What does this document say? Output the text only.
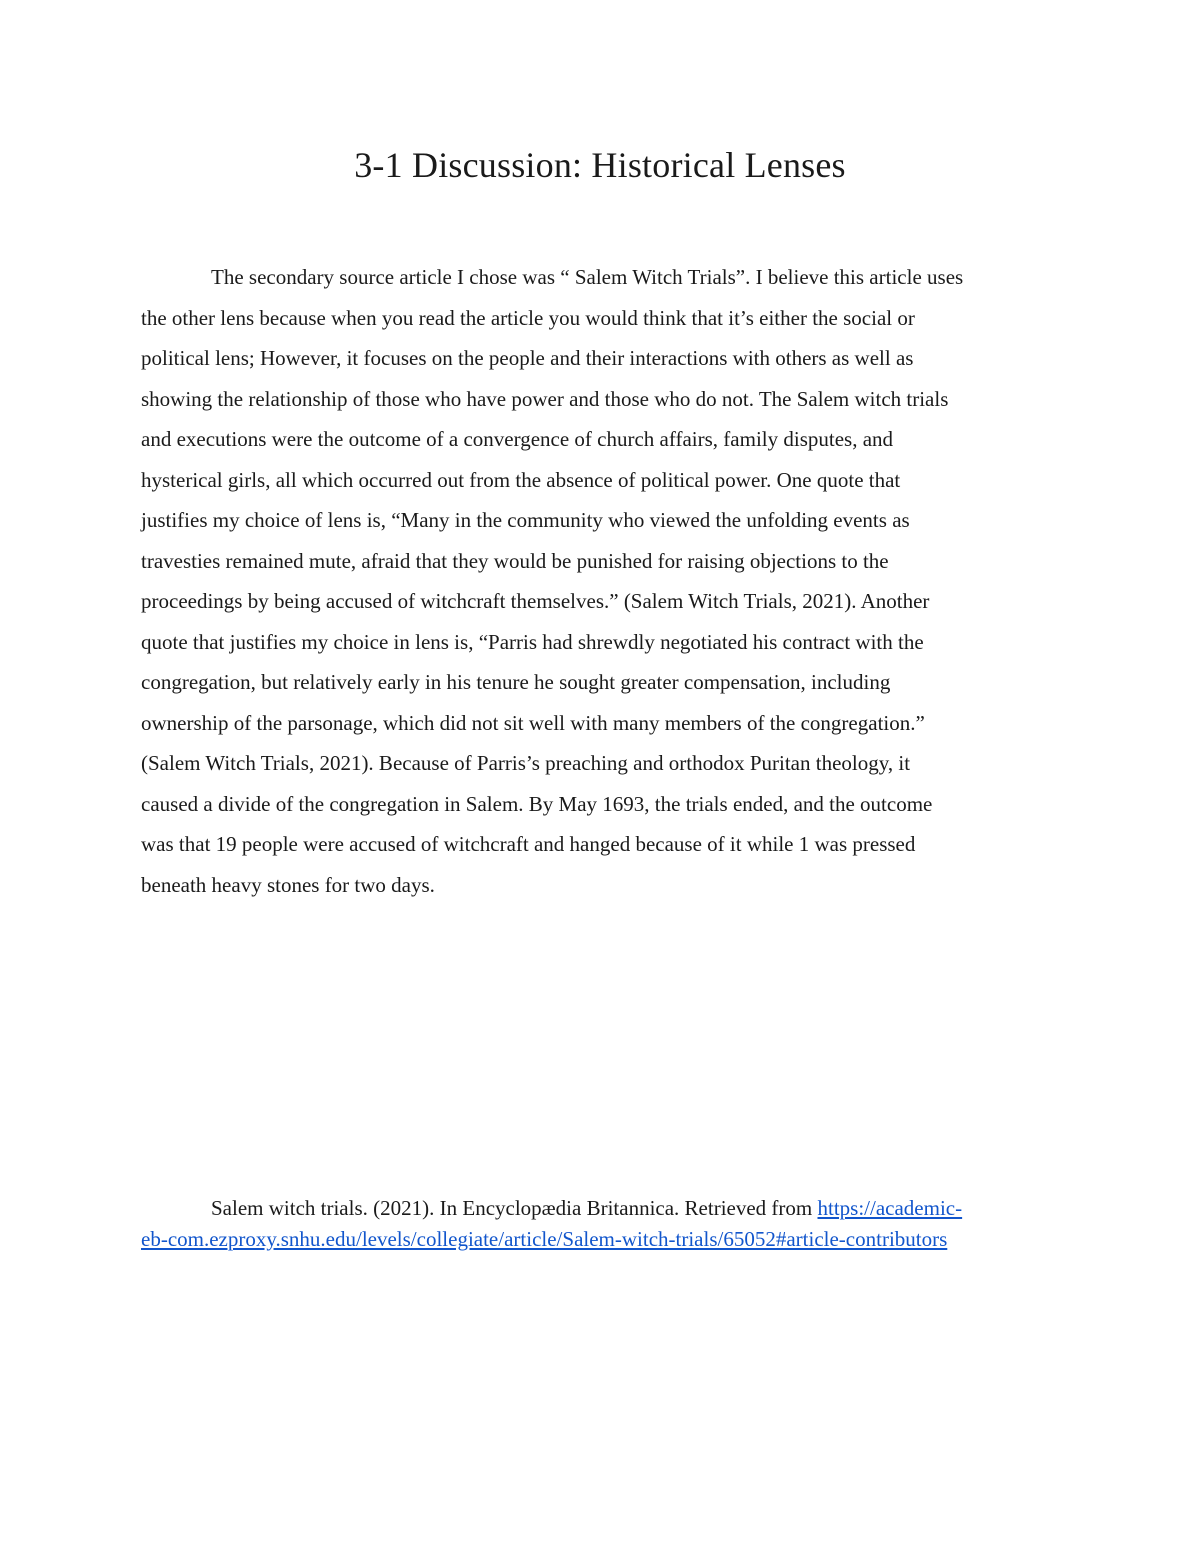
3-1 Discussion: Historical Lenses
The secondary source article I chose was “ Salem Witch Trials”. I believe this article uses
the other lens because when you read the article you would think that it’s either the social or
political lens; However, it focuses on the people and their interactions with others as well as
showing the relationship of those who have power and those who do not. The Salem witch trials
and executions were the outcome of a convergence of church affairs, family disputes, and
hysterical girls, all which occurred out from the absence of political power. One quote that
justifies my choice of lens is, “Many in the community who viewed the unfolding events as
travesties remained mute, afraid that they would be punished for raising objections to the
proceedings by being accused of witchcraft themselves.” (Salem Witch Trials, 2021). Another
quote that justifies my choice in lens is, “Parris had shrewdly negotiated his contract with the
congregation, but relatively early in his tenure he sought greater compensation, including
ownership of the parsonage, which did not sit well with many members of the congregation.”
(Salem Witch Trials, 2021). Because of Parris’s preaching and orthodox Puritan theology, it
caused a divide of the congregation in Salem. By May 1693, the trials ended, and the outcome
was that 19 people were accused of witchcraft and hanged because of it while 1 was pressed
beneath heavy stones for two days.
Salem witch trials. (2021). In Encyclopædia Britannica. Retrieved from https://academic-
eb-com.ezproxy.snhu.edu/levels/collegiate/article/Salem-witch-trials/65052#article-contributors
